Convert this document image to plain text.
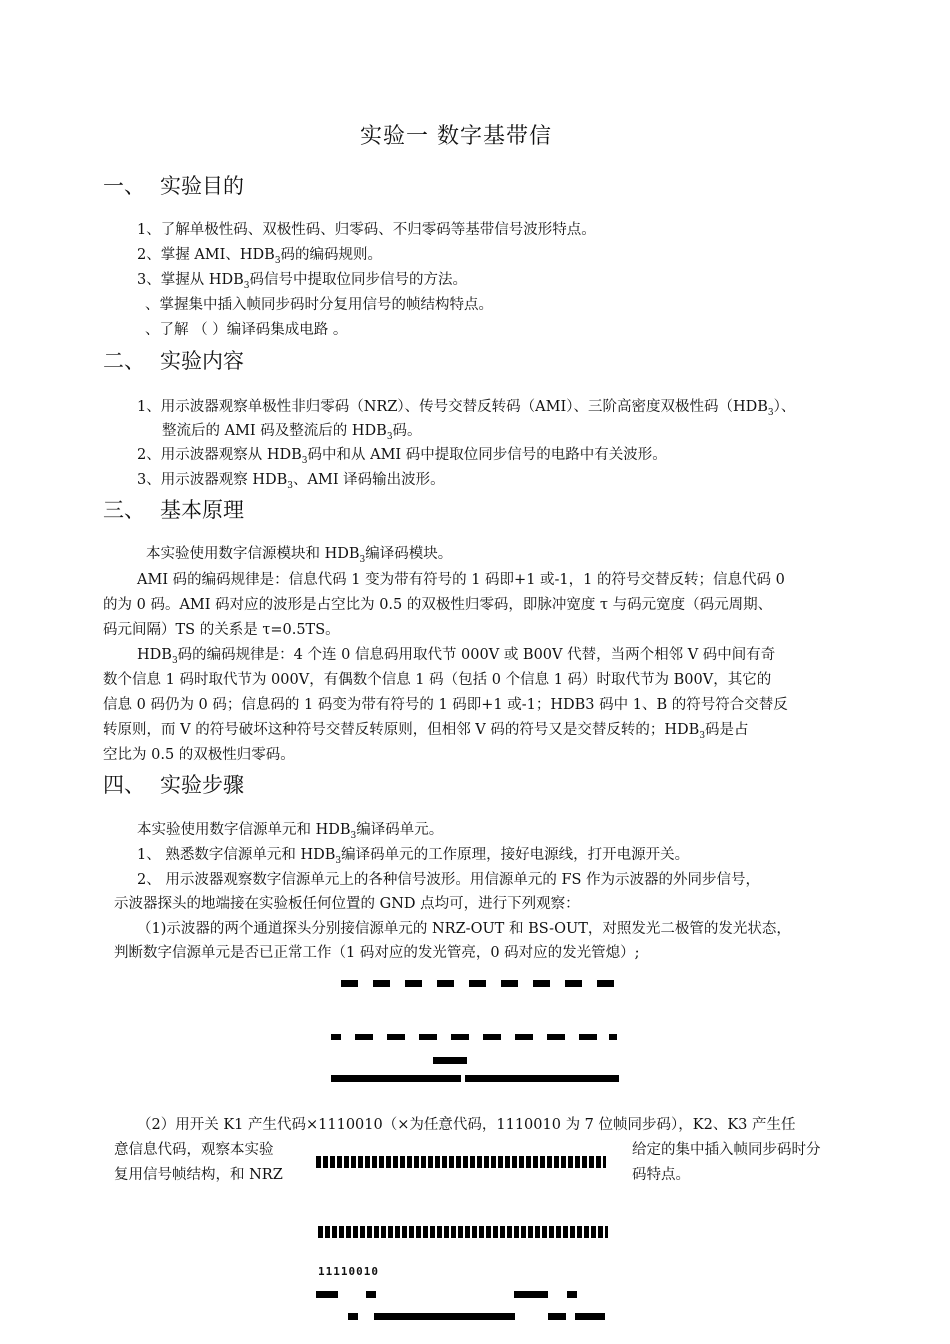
实验一 数字基带信
一、 实验目的
1、了解单极性码、双极性码、归零码、不归零码等基带信号波形特点。
2、掌握 AMI、$HDB_3$码的编码规则。
3、掌握从 $HDB_3$码信号中提取位同步信号的方法。
、掌握集中插入帧同步码时分复用信号的帧结构特点。
、了解 （ ）编译码集成电路 。
二、 实验内容
1、用示波器观察单极性非归零码（NRZ）、传号交替反转码（AMI）、三阶高密度双极性码$(HDB_3)$、
整流后的 AMI 码及整流后的 $HDB_3$码。
2、用示波器观察从 $HDB_3$码中和从 AMI 码中提取位同步信号的电路中有关波形。
3、用示波器观察 $HDB_3$、AMI 译码输出波形。
三、 基本原理
本实验使用数字信源模块和 $HDB_3$编译码模块。
AMI 码的编码规律是：信息代码 1 变为带有符号的 1 码即+1 或-1，1 的符号交替反转；信息代码 0
的为 0 码。AMI 码对应的波形是占空比为 0.5 的双极性归零码，即脉冲宽度 τ 与码元宽度（码元周期、
码元间隔）TS 的关系是 τ=0.5TS。
$HDB_3$码的编码规律是：4 个连 0 信息码用取代节 000V 或 B00V 代替，当两个相邻 V 码中间有奇
数个信息 1 码时取代节为 000V，有偶数个信息 1 码（包括 0 个信息 1 码）时取代节为 B00V，其它的
信息 0 码仍为 0 码；信息码的 1 码变为带有符号的 1 码即+1 或-1；HDB3 码中 1、B 的符号符合交替反
转原则，而 V 的符号破坏这种符号交替反转原则，但相邻 V 码的符号又是交替反转的；$HDB_3$码是占
空比为 0.5 的双极性归零码。
四、 实验步骤
本实验使用数字信源单元和 $HDB_3$编译码单元。
1、 熟悉数字信源单元和 $HDB_3$编译码单元的工作原理，接好电源线，打开电源开关。
2、 用示波器观察数字信源单元上的各种信号波形。用信源单元的 FS 作为示波器的外同步信号，
示波器探头的地端接在实验板任何位置的 GND 点均可，进行下列观察：
（1)示波器的两个通道探头分别接信源单元的 NRZ-OUT 和 BS-OUT，对照发光二极管的发光状态，
判断数字信源单元是否已正常工作（1 码对应的发光管亮，0 码对应的发光管熄）;
（2）用开关 K1 产生代码×1110010（×为任意代码，1110010 为 7 位帧同步码），K2、K3 产生任
意信息代码，观察本实验	给定的集中插入帧同步码时分
复用信号帧结构，和 NRZ	码特点。
11110010
